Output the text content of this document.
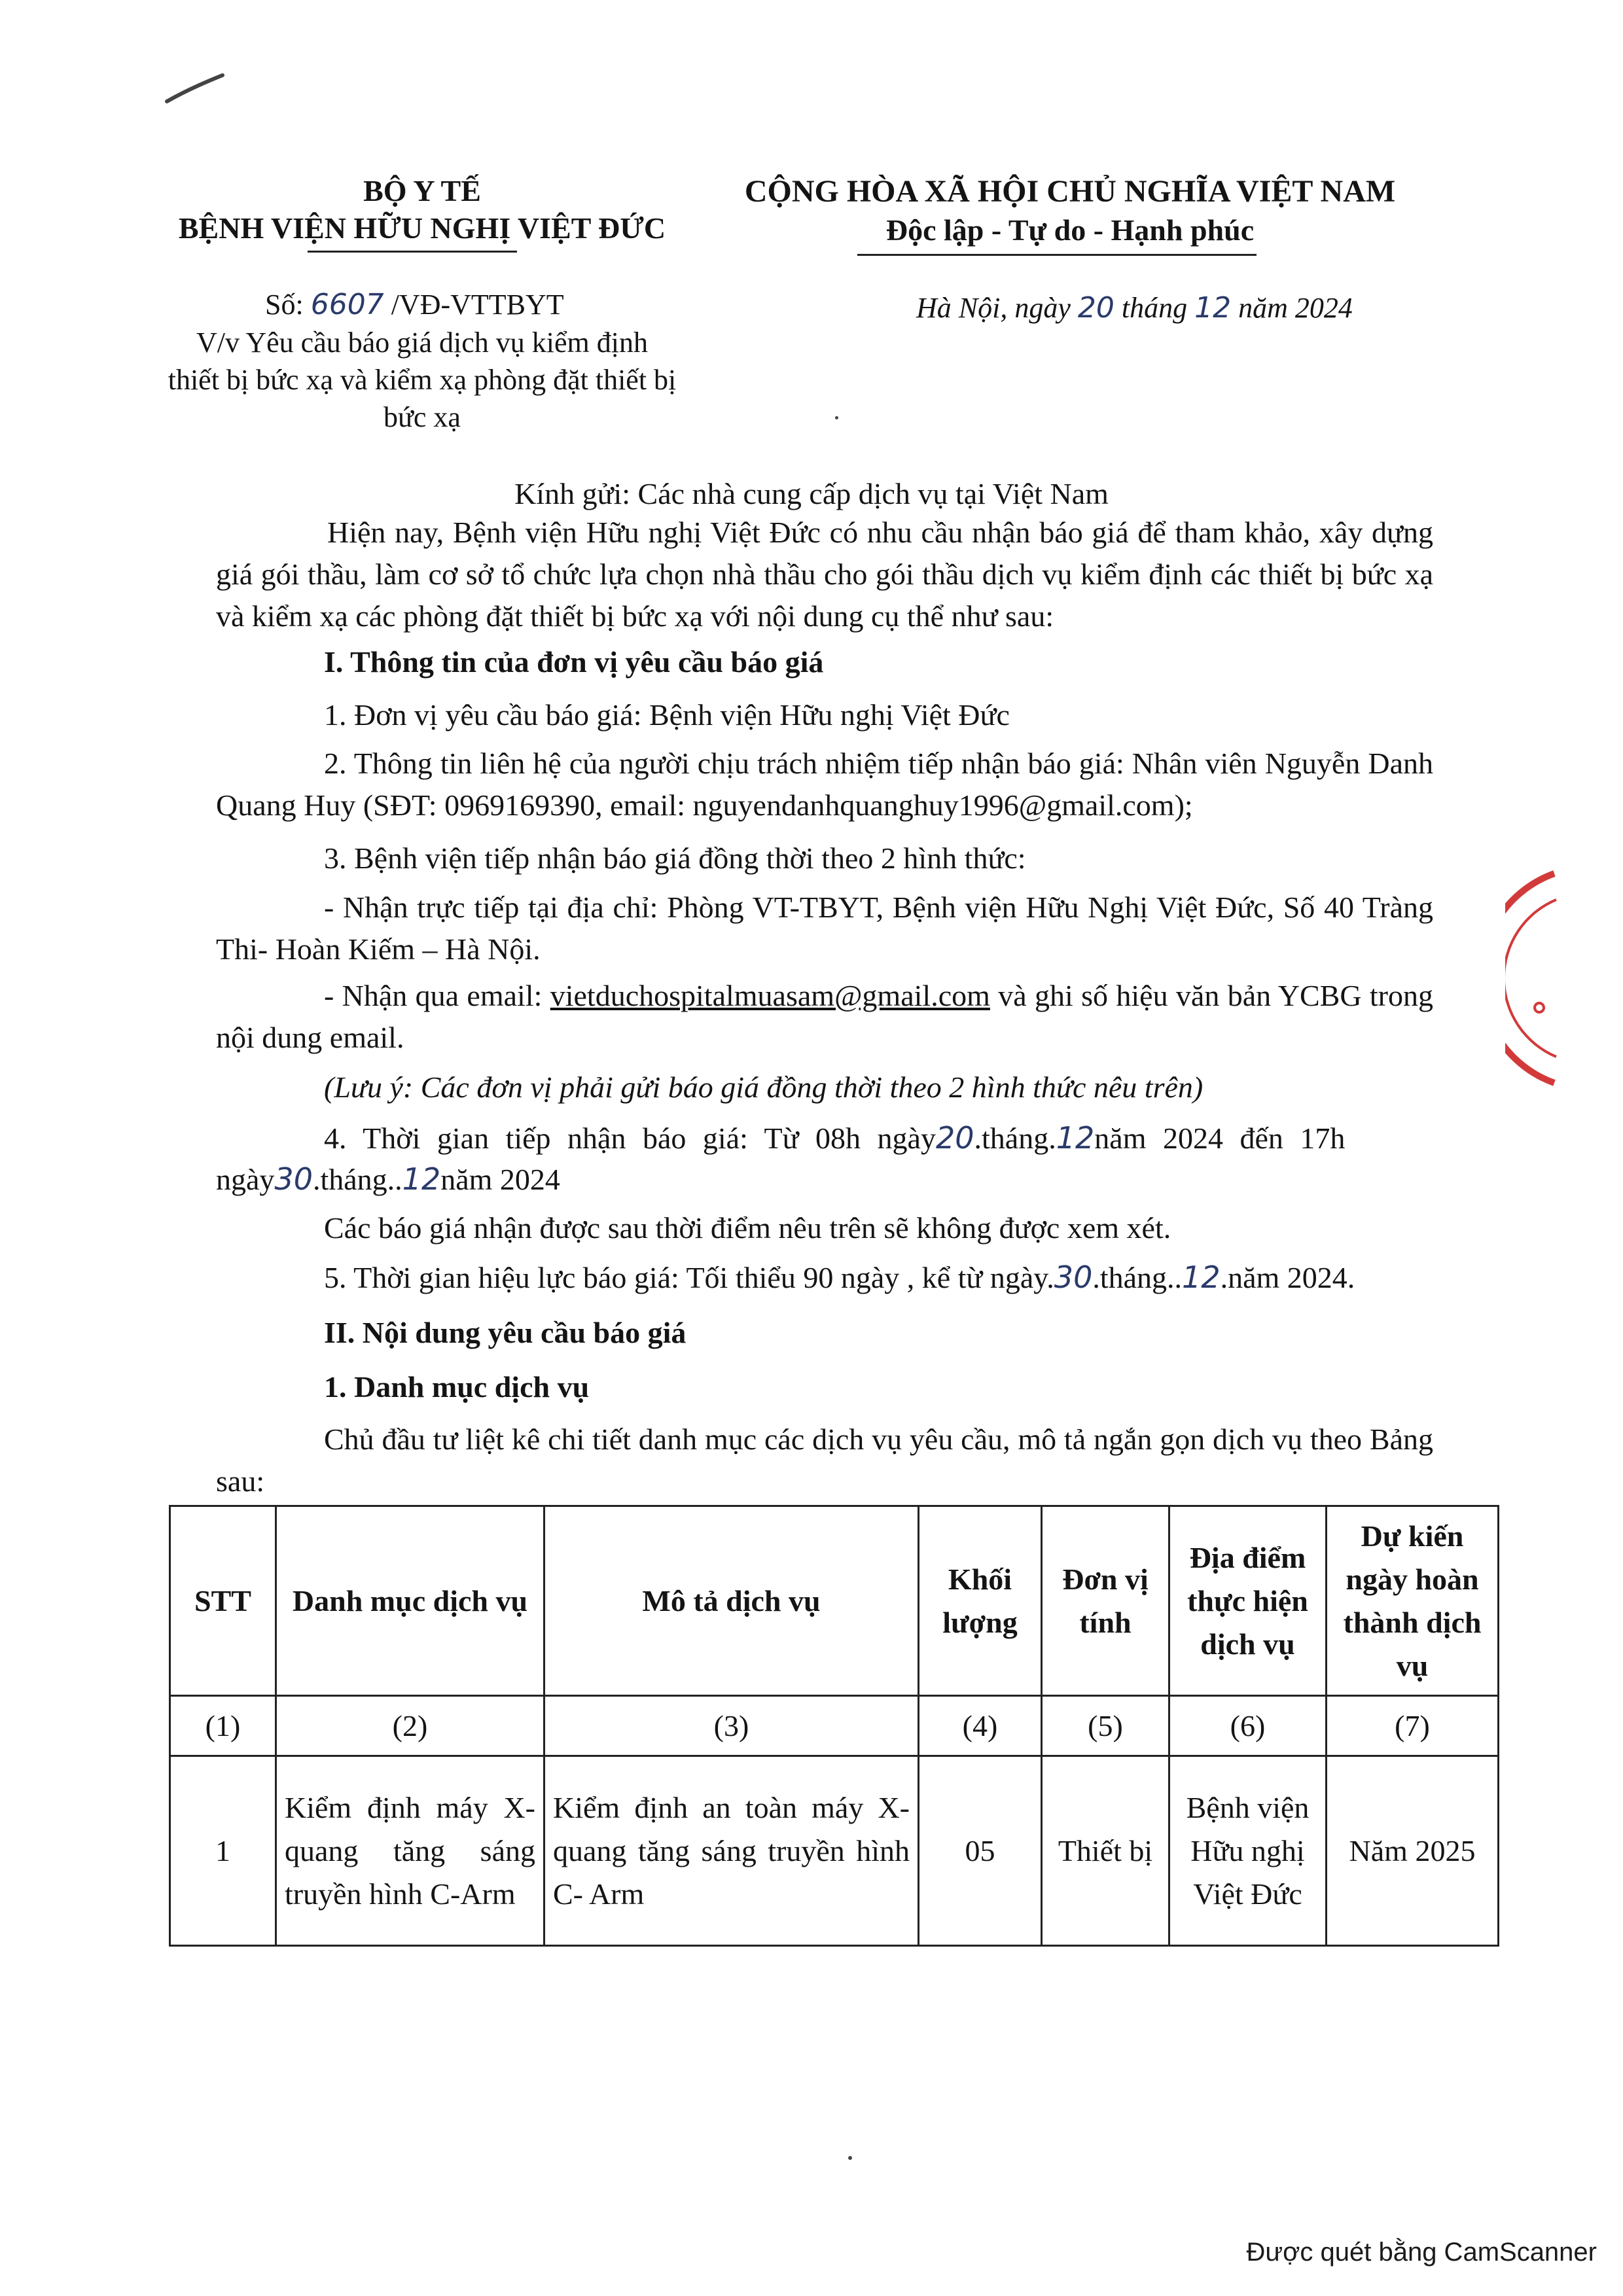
BỘ Y TẾ
BỆNH VIỆN HỮU NGHỊ VIỆT ĐỨC
CỘNG HÒA XÃ HỘI CHỦ NGHĨA VIỆT NAM
Độc lập - Tự do - Hạnh phúc
Số: 6607 /VĐ-VTTBYT	Hà Nội, ngày 20 tháng 12 năm 2024
V/v Yêu cầu báo giá dịch vụ kiểm định
thiết bị bức xạ và kiểm xạ phòng đặt thiết bị
bức xạ
Kính gửi: Các nhà cung cấp dịch vụ tại Việt Nam
Hiện nay, Bệnh viện Hữu nghị Việt Đức có nhu cầu nhận báo giá để tham khảo, xây dựng giá gói thầu, làm cơ sở tổ chức lựa chọn nhà thầu cho gói thầu dịch vụ kiểm định các thiết bị bức xạ và kiểm xạ các phòng đặt thiết bị bức xạ với nội dung cụ thể như sau:
I. Thông tin của đơn vị yêu cầu báo giá
1. Đơn vị yêu cầu báo giá: Bệnh viện Hữu nghị Việt Đức
2. Thông tin liên hệ của người chịu trách nhiệm tiếp nhận báo giá: Nhân viên Nguyễn Danh Quang Huy (SĐT: 0969169390, email: nguyendanhquanghuy1996@gmail.com);
3. Bệnh viện tiếp nhận báo giá đồng thời theo 2 hình thức:
- Nhận trực tiếp tại địa chỉ: Phòng VT-TBYT, Bệnh viện Hữu Nghị Việt Đức, Số 40 Tràng Thi- Hoàn Kiếm – Hà Nội.
- Nhận qua email: vietduchospitalmuasam@gmail.com và ghi số hiệu văn bản YCBG trong nội dung email.
(Lưu ý: Các đơn vị phải gửi báo giá đồng thời theo 2 hình thức nêu trên)
4. Thời gian tiếp nhận báo giá: Từ 08h ngày20.tháng.12năm 2024 đến 17h
ngày30.tháng..12năm 2024
Các báo giá nhận được sau thời điểm nêu trên sẽ không được xem xét.
5. Thời gian hiệu lực báo giá: Tối thiểu 90 ngày , kể từ ngày.30.tháng..12.năm 2024.
II. Nội dung yêu cầu báo giá
1. Danh mục dịch vụ
Chủ đầu tư liệt kê chi tiết danh mục các dịch vụ yêu cầu, mô tả ngắn gọn dịch vụ theo Bảng sau:
STT	Danh mục dịch vụ	Mô tả dịch vụ	Khối lượng	Đơn vị tính	Địa điểm thực hiện dịch vụ	Dự kiến ngày hoàn thành dịch vụ
(1)	(2)	(3)	(4)	(5)	(6)	(7)
1	Kiểm định máy X-quang tăng sáng truyền hình C-Arm	Kiểm định an toàn máy X-quang tăng sáng truyền hình C- Arm	05	Thiết bị	Bệnh viện Hữu nghị Việt Đức	Năm 2025
Được quét bằng CamScanner
